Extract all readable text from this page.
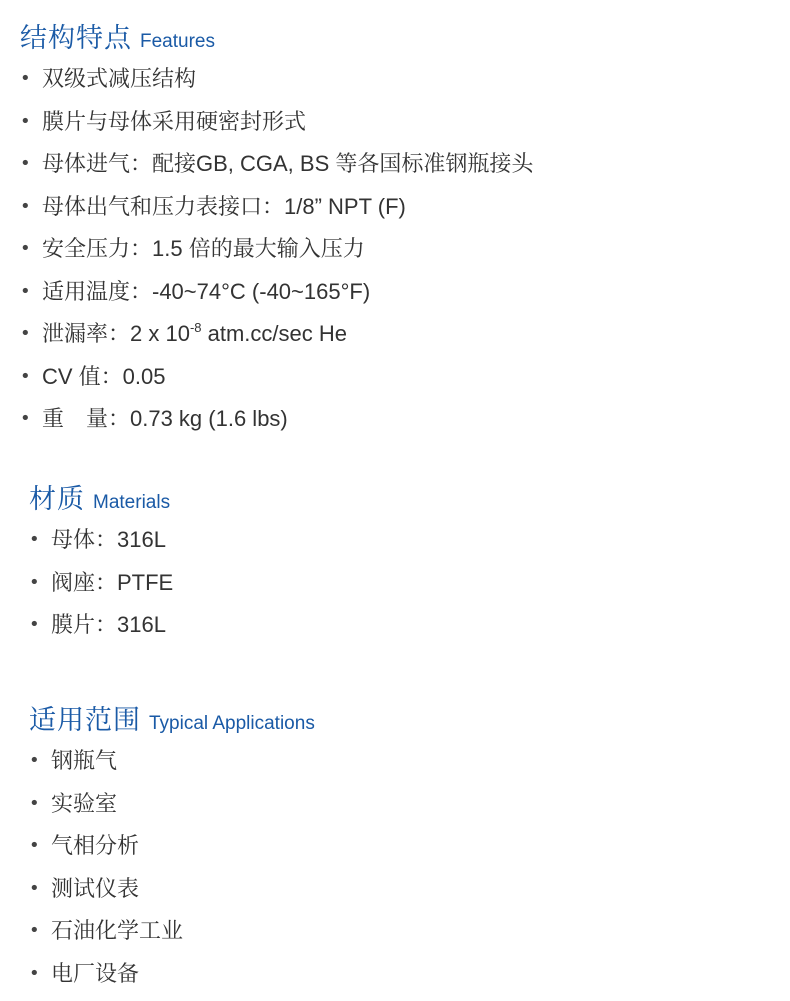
结构特点 Features
• 双级式减压结构
• 膜片与母体采用硬密封形式
• 母体进气：配接GB, CGA, BS 等各国标准钢瓶接头
• 母体出气和压力表接口：1/8” NPT (F)
• 安全压力：1.5 倍的最大输入压力
• 适用温度：-40~74°C (-40~165°F)
• 泄漏率：2 x $10^{-8}$ atm.cc/sec He
• CV 值：0.05
• 重　量：0.73 kg (1.6 lbs)
材质 Materials
• 母体：316L
• 阀座：PTFE
• 膜片：316L
适用范围 Typical Applications
• 钢瓶气
• 实验室
• 气相分析
• 测试仪表
• 石油化学工业
• 电厂设备
